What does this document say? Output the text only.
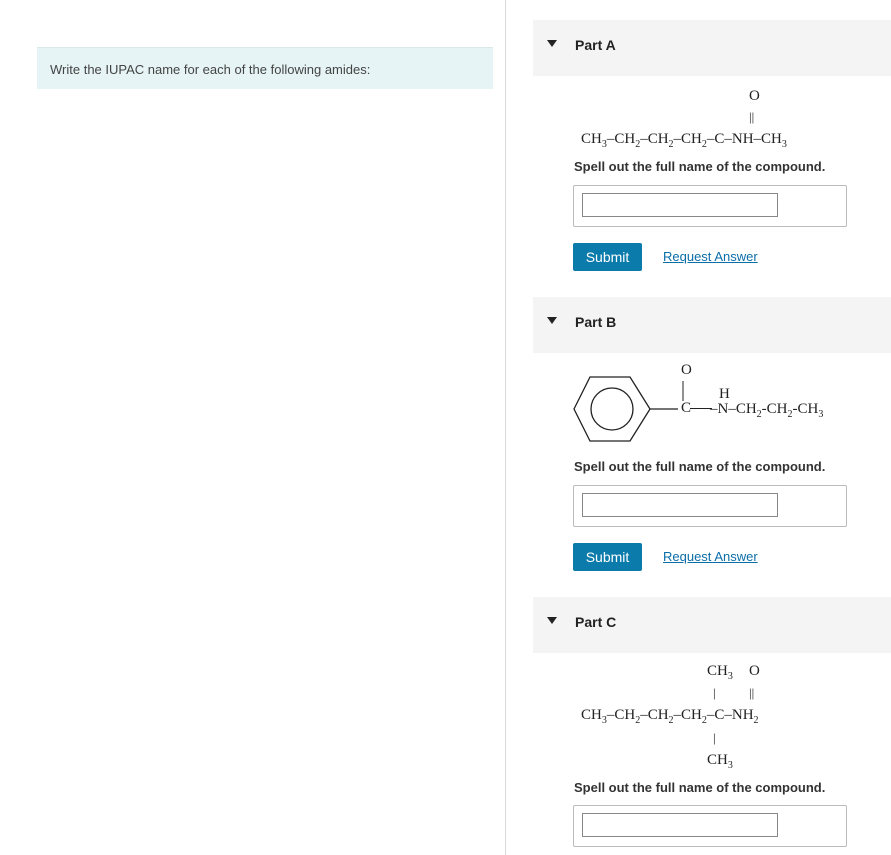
Write the IUPAC name for each of the following amides:
Part A
O
||
$CH_3-CH_2-CH_2-CH_2-C-NH-CH_3$
Spell out the full name of the compound.
Submit	Request Answer
Part B
O
C
H
$-N-CH_2-CH_2-CH_3$
Spell out the full name of the compound.
Submit	Request Answer
Part C
$CH_3$ O
|	||
$CH_3-CH_2-CH_2-CH_2-C-NH_2$
|
$CH_3$
Spell out the full name of the compound.
